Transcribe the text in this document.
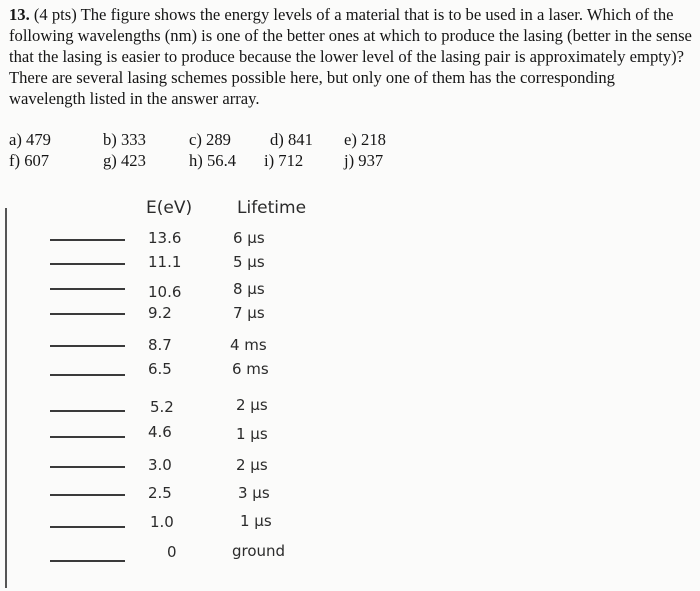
13. (4 pts) The figure shows the energy levels of a material that is to be used in a laser. Which of the following wavelengths (nm) is one of the better ones at which to produce the lasing (better in the sense that the lasing is easier to produce because the lower level of the lasing pair is approximately empty)? There are several lasing schemes possible here, but only one of them has the corresponding wavelength listed in the answer array.
a) 479	b) 333	c) 289 d) 841 e) 218
f) 607	g) 423	h) 56.4 i) 712 j) 937
E(eV)	Lifetime
13.6	6 μs
11.1	5 μs
10.6	8 μs
9.2	7 μs
8.7	4 ms
6.5	6 ms
5.2	2 μs
4.6	1 μs
3.0	2 μs
2.5	3 μs
1.0	1 μs
0	ground
